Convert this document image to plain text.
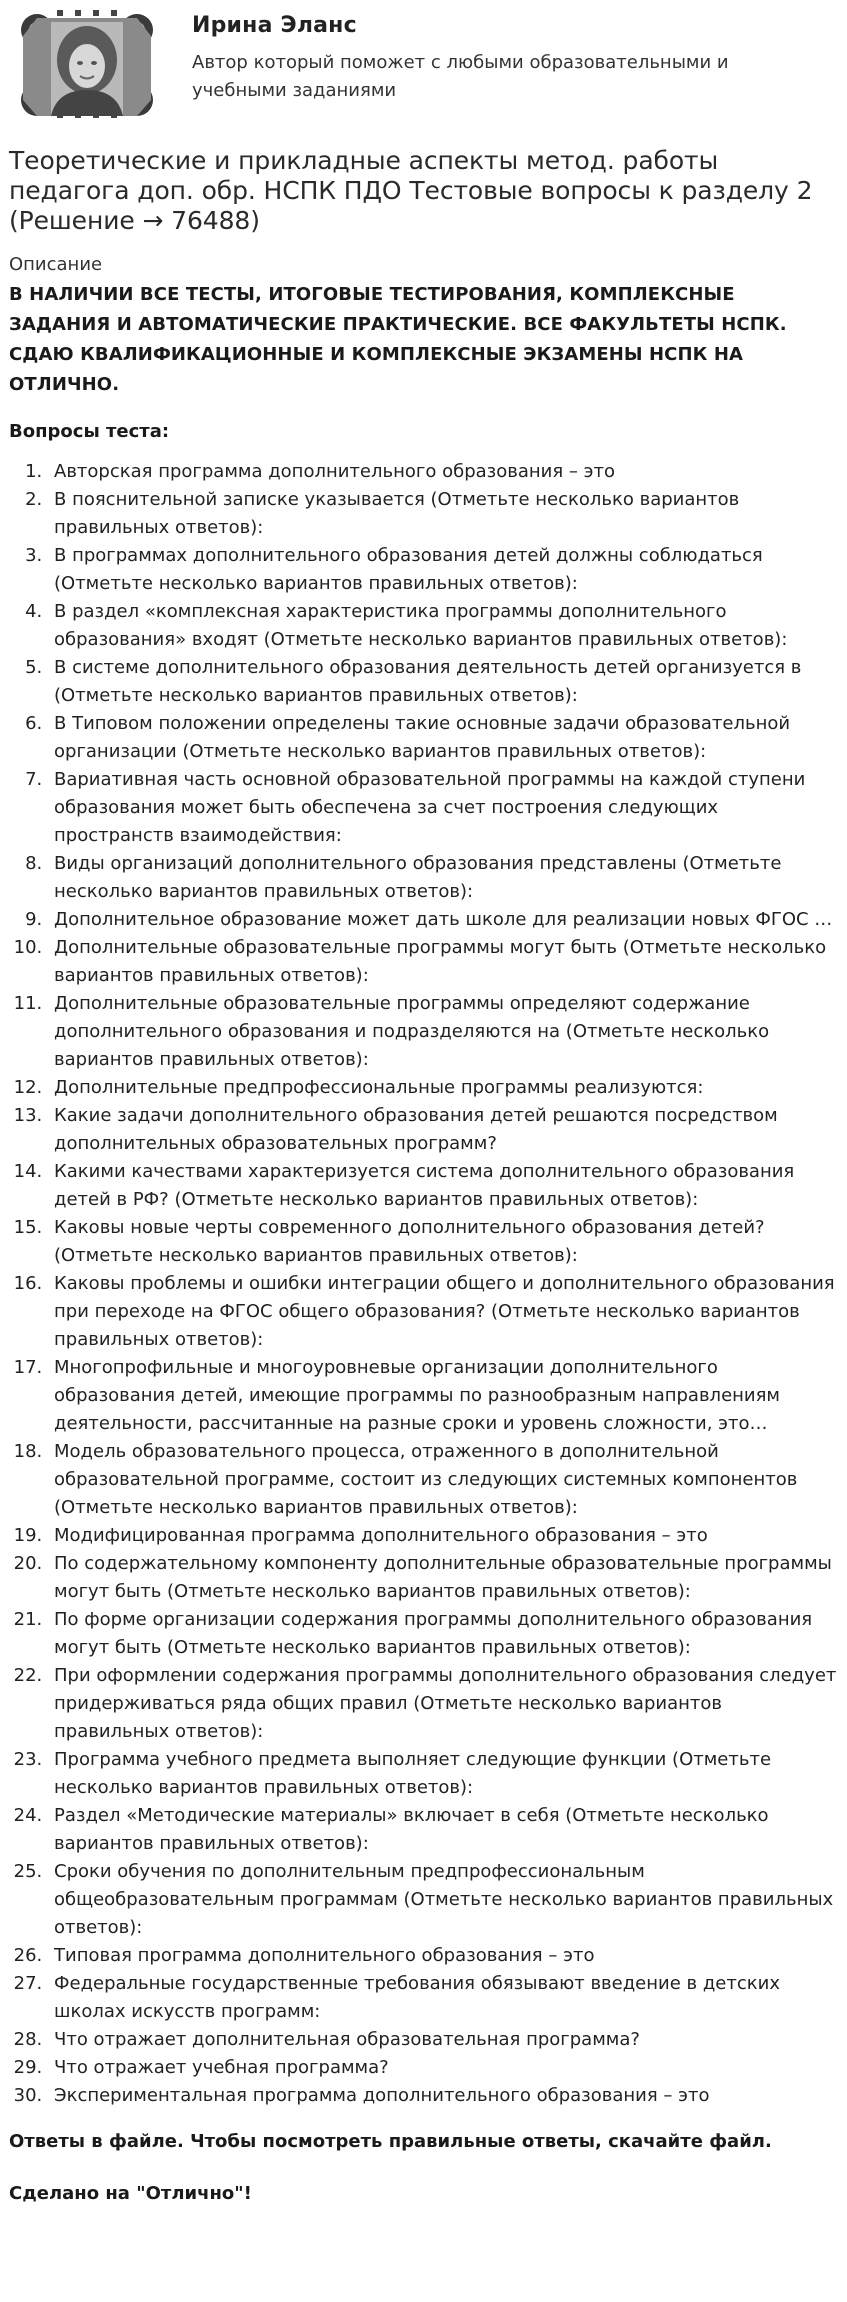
Ирина Эланс
Автор который поможет с любыми образовательными и учебными заданиями
Теоретические и прикладные аспекты метод. работы педагога доп. обр. НСПК ПДО Тестовые вопросы к разделу 2 (Решение → 76488)
Описание
В НАЛИЧИИ ВСЕ ТЕСТЫ, ИТОГОВЫЕ ТЕСТИРОВАНИЯ, КОМПЛЕКСНЫЕ ЗАДАНИЯ И АВТОМАТИЧЕСКИЕ ПРАКТИЧЕСКИЕ. ВСЕ ФАКУЛЬТЕТЫ НСПК. СДАЮ КВАЛИФИКАЦИОННЫЕ И КОМПЛЕКСНЫЕ ЭКЗАМЕНЫ НСПК НА ОТЛИЧНО.
Вопросы теста:
1. Авторская программа дополнительного образования – это
2. В пояснительной записке указывается (Отметьте несколько вариантов правильных ответов):
3. В программах дополнительного образования детей должны соблюдаться (Отметьте несколько вариантов правильных ответов):
4. В раздел «комплексная характеристика программы дополнительного образования» входят (Отметьте несколько вариантов правильных ответов):
5. В системе дополнительного образования деятельность детей организуется в (Отметьте несколько вариантов правильных ответов):
6. В Типовом положении определены такие основные задачи образовательной организации (Отметьте несколько вариантов правильных ответов):
7. Вариативная часть основной образовательной программы на каждой ступени образования может быть обеспечена за счет построения следующих пространств взаимодействия:
8. Виды организаций дополнительного образования представлены (Отметьте несколько вариантов правильных ответов):
9. Дополнительное образование может дать школе для реализации новых ФГОС …
10. Дополнительные образовательные программы могут быть (Отметьте несколько вариантов правильных ответов):
11. Дополнительные образовательные программы определяют содержание дополнительного образования и подразделяются на (Отметьте несколько вариантов правильных ответов):
12. Дополнительные предпрофессиональные программы реализуются:
13. Какие задачи дополнительного образования детей решаются посредством дополнительных образовательных программ?
14. Какими качествами характеризуется система дополнительного образования детей в РФ? (Отметьте несколько вариантов правильных ответов):
15. Каковы новые черты современного дополнительного образования детей? (Отметьте несколько вариантов правильных ответов):
16. Каковы проблемы и ошибки интеграции общего и дополнительного образования при переходе на ФГОС общего образования? (Отметьте несколько вариантов правильных ответов):
17. Многопрофильные и многоуровневые организации дополнительного образования детей, имеющие программы по разнообразным направлениям деятельности, рассчитанные на разные сроки и уровень сложности, это…
18. Модель образовательного процесса, отраженного в дополнительной образовательной программе, состоит из следующих системных компонентов (Отметьте несколько вариантов правильных ответов):
19. Модифицированная программа дополнительного образования – это
20. По содержательному компоненту дополнительные образовательные программы могут быть (Отметьте несколько вариантов правильных ответов):
21. По форме организации содержания программы дополнительного образования могут быть (Отметьте несколько вариантов правильных ответов):
22. При оформлении содержания программы дополнительного образования следует придерживаться ряда общих правил (Отметьте несколько вариантов правильных ответов):
23. Программа учебного предмета выполняет следующие функции (Отметьте несколько вариантов правильных ответов):
24. Раздел «Методические материалы» включает в себя (Отметьте несколько вариантов правильных ответов):
25. Сроки обучения по дополнительным предпрофессиональным общеобразовательным программам (Отметьте несколько вариантов правильных ответов):
26. Типовая программа дополнительного образования – это
27. Федеральные государственные требования обязывают введение в детских школах искусств программ:
28. Что отражает дополнительная образовательная программа?
29. Что отражает учебная программа?
30. Экспериментальная программа дополнительного образования – это
Ответы в файле. Чтобы посмотреть правильные ответы, скачайте файл.
Сделано на "Отлично"!
